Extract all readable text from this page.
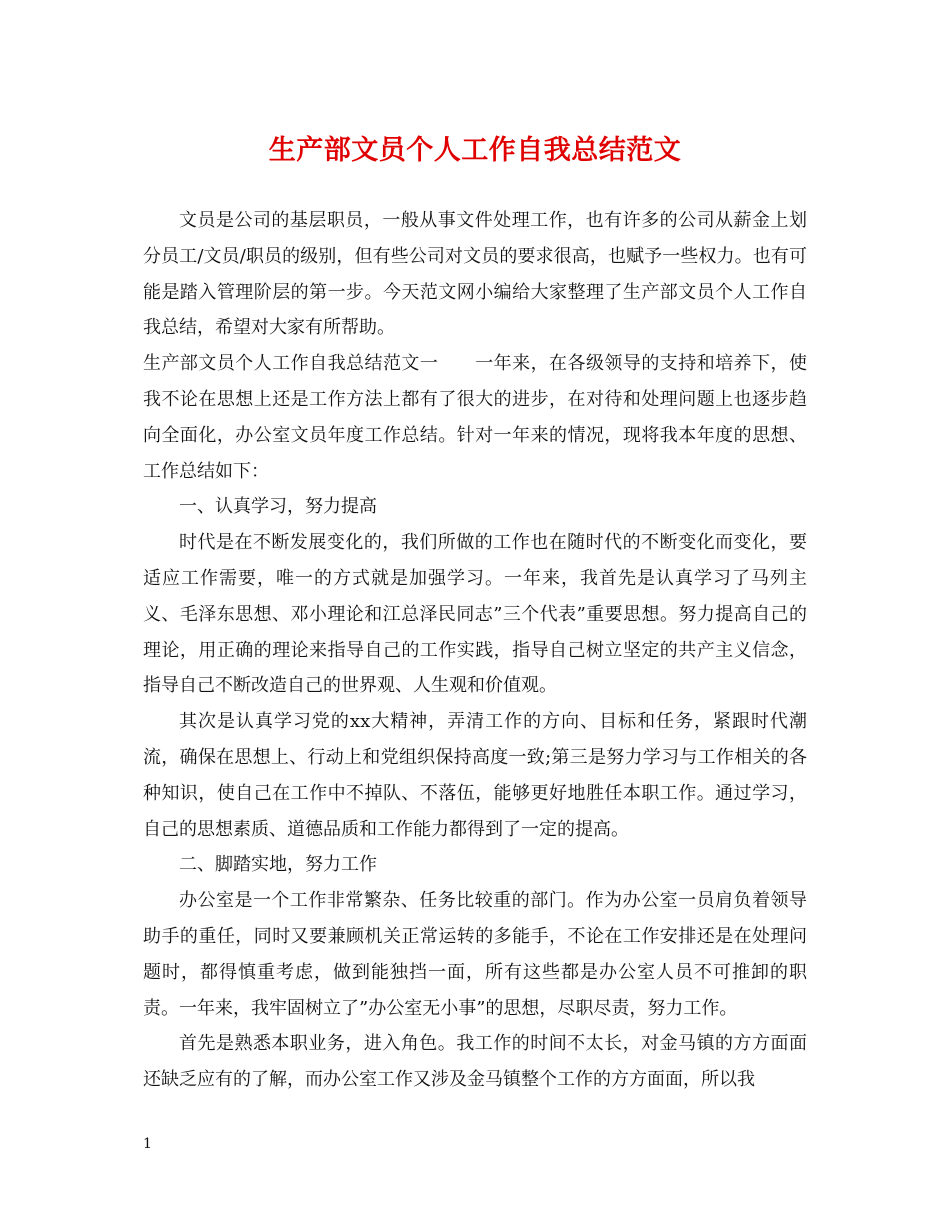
生产部文员个人工作自我总结范文

文员是公司的基层职员，一般从事文件处理工作，也有许多的公司从薪金上划分员工/文员/职员的级别，但有些公司对文员的要求很高，也赋予一些权力。也有可能是踏入管理阶层的第一步。今天范文网小编给大家整理了生产部文员个人工作自我总结，希望对大家有所帮助。

生产部文员个人工作自我总结范文一　　一年来，在各级领导的支持和培养下，使我不论在思想上还是工作方法上都有了很大的进步，在对待和处理问题上也逐步趋向全面化，办公室文员年度工作总结。针对一年来的情况，现将我本年度的思想、工作总结如下：

一、认真学习，努力提高

时代是在不断发展变化的，我们所做的工作也在随时代的不断变化而变化，要适应工作需要，唯一的方式就是加强学习。一年来，我首先是认真学习了马列主义、毛泽东思想、邓小理论和江总泽民同志”三个代表”重要思想。努力提高自己的理论，用正确的理论来指导自己的工作实践，指导自己树立坚定的共产主义信念，指导自己不断改造自己的世界观、人生观和价值观。

其次是认真学习党的xx大精神，弄清工作的方向、目标和任务，紧跟时代潮流，确保在思想上、行动上和党组织保持高度一致;第三是努力学习与工作相关的各种知识，使自己在工作中不掉队、不落伍，能够更好地胜任本职工作。通过学习，自己的思想素质、道德品质和工作能力都得到了一定的提高。

二、脚踏实地，努力工作

办公室是一个工作非常繁杂、任务比较重的部门。作为办公室一员肩负着领导助手的重任，同时又要兼顾机关正常运转的多能手，不论在工作安排还是在处理问题时，都得慎重考虑，做到能独挡一面，所有这些都是办公室人员不可推卸的职责。一年来，我牢固树立了”办公室无小事”的思想，尽职尽责，努力工作。

首先是熟悉本职业务，进入角色。我工作的时间不太长，对金马镇的方方面面还缺乏应有的了解，而办公室工作又涉及金马镇整个工作的方方面面，所以我

1
